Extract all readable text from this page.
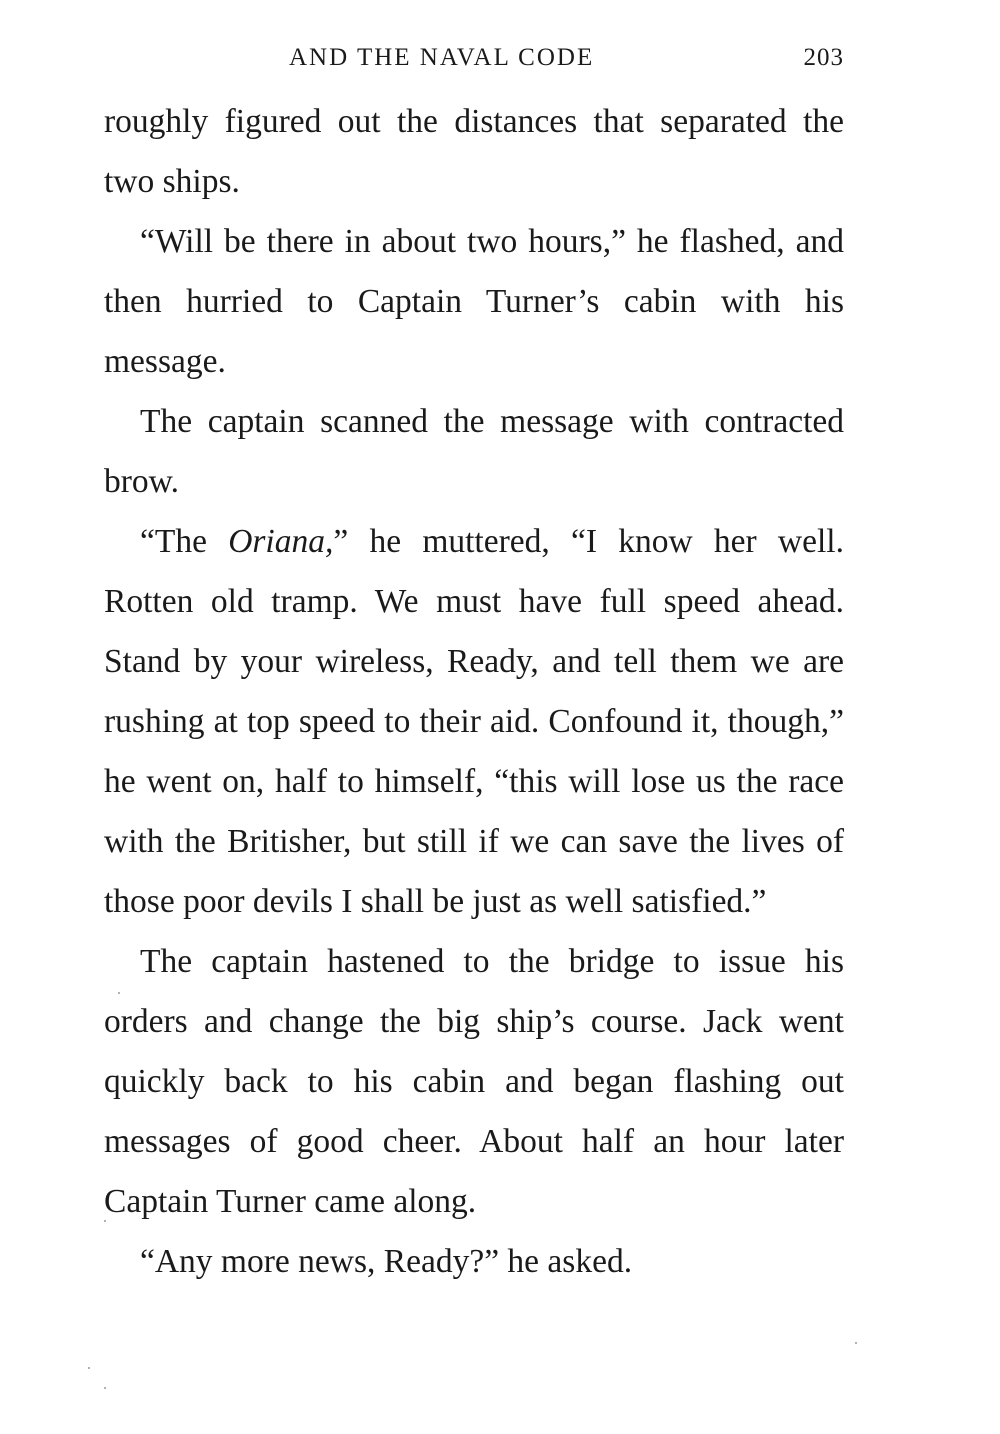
AND THE NAVAL CODE	203

roughly figured out the distances that separated the two ships.

“Will be there in about two hours,” he flashed, and then hurried to Captain Turner’s cabin with his message.

The captain scanned the message with contracted brow.

“The Oriana,” he muttered, “I know her well. Rotten old tramp. We must have full speed ahead. Stand by your wireless, Ready, and tell them we are rushing at top speed to their aid. Confound it, though,” he went on, half to himself, “this will lose us the race with the Britisher, but still if we can save the lives of those poor devils I shall be just as well satisfied.”

The captain hastened to the bridge to issue his orders and change the big ship’s course. Jack went quickly back to his cabin and began flashing out messages of good cheer. About half an hour later Captain Turner came along.

“Any more news, Ready?” he asked.
